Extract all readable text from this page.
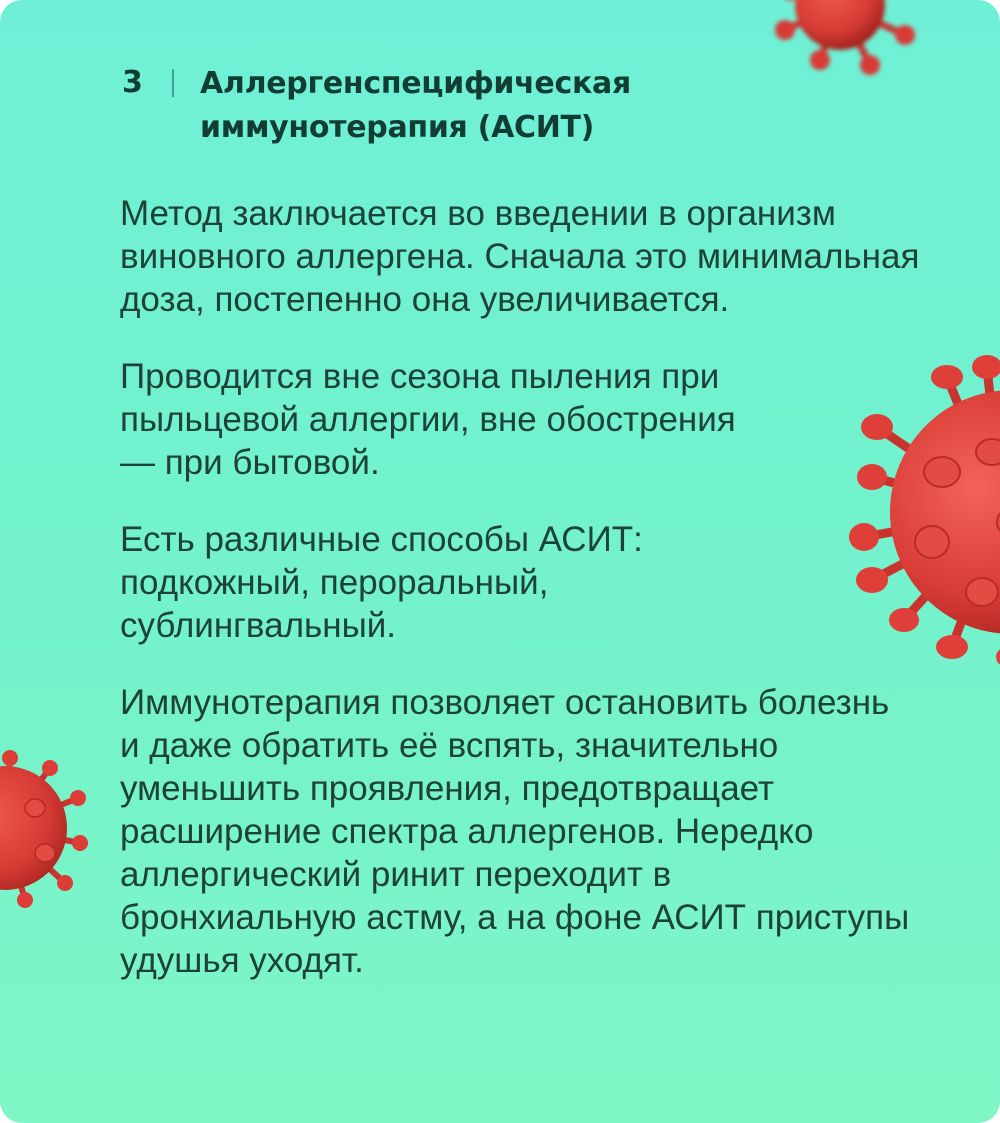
3 Аллергенспецифическая
иммунотерапия (АСИТ)

Метод заключается во введении в организм виновного аллергена. Сначала это минимальная доза, постепенно она увеличивается.

Проводится вне сезона пыления при пыльцевой аллергии, вне обострения — при бытовой.

Есть различные способы АСИТ: подкожный, пероральный, сублингвальный.

Иммунотерапия позволяет остановить болезнь и даже обратить её вспять, значительно уменьшить проявления, предотвращает расширение спектра аллергенов. Нередко аллергический ринит переходит в бронхиальную астму, а на фоне АСИТ приступы удушья уходят.
